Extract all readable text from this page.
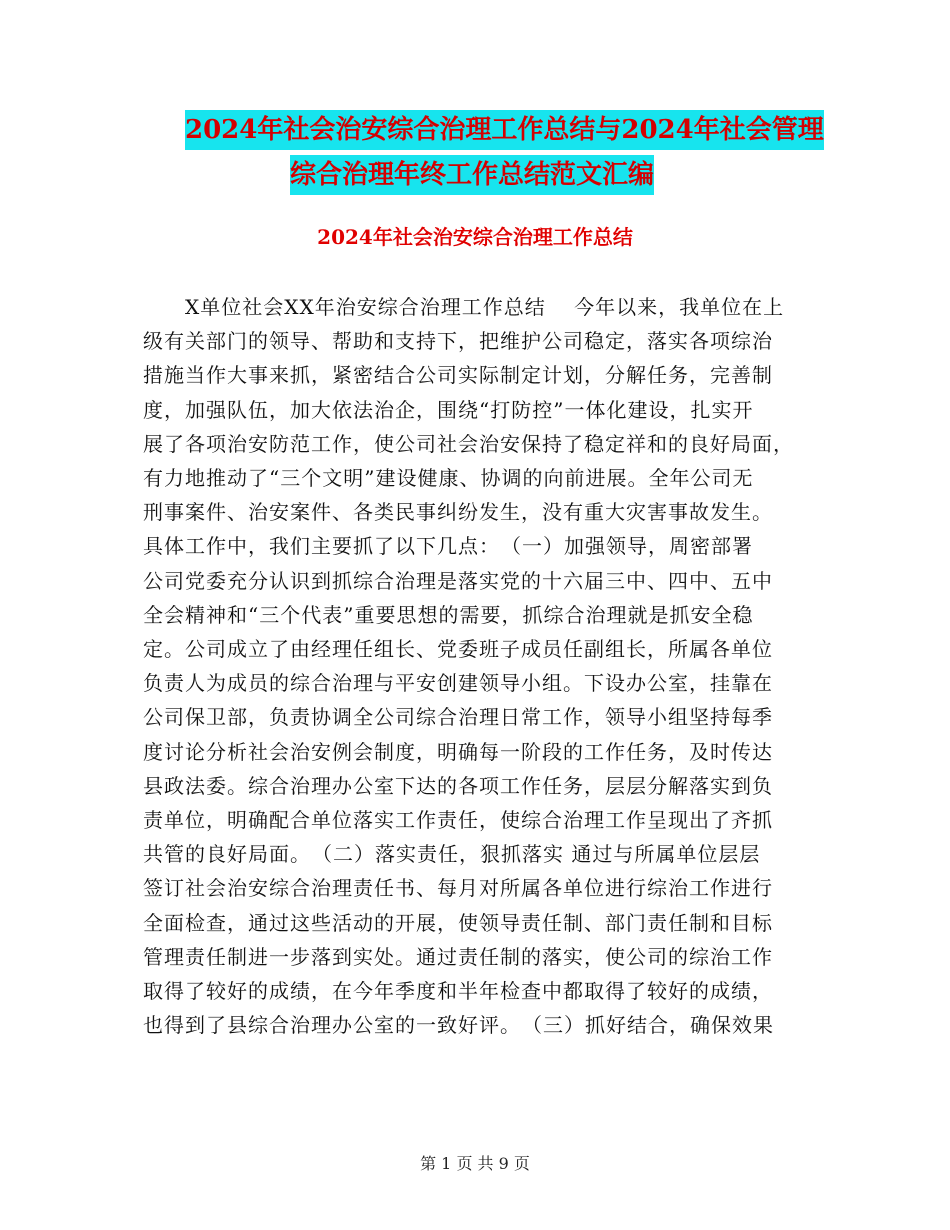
2024年社会治安综合治理工作总结与2024年社会管理
综合治理年终工作总结范文汇编
2024年社会治安综合治理工作总结
　　X单位社会XX年治安综合治理工作总结　 今年以来，我单位在上
级有关部门的领导、帮助和支持下，把维护公司稳定，落实各项综治
措施当作大事来抓，紧密结合公司实际制定计划，分解任务，完善制
度，加强队伍，加大依法治企，围绕“打防控”一体化建设，扎实开
展了各项治安防范工作，使公司社会治安保持了稳定祥和的良好局面，
有力地推动了“三个文明”建设健康、协调的向前进展。全年公司无
刑事案件、治安案件、各类民事纠纷发生，没有重大灾害事故发生。
具体工作中，我们主要抓了以下几点：　（一）加强领导，周密部署
公司党委充分认识到抓综合治理是落实党的十六届三中、四中、五中
全会精神和“三个代表”重要思想的需要，抓综合治理就是抓安全稳
定。公司成立了由经理任组长、党委班子成员任副组长，所属各单位
负责人为成员的综合治理与平安创建领导小组。下设办公室，挂靠在
公司保卫部，负责协调全公司综合治理日常工作，领导小组坚持每季
度讨论分析社会治安例会制度，明确每一阶段的工作任务，及时传达
县政法委。综合治理办公室下达的各项工作任务，层层分解落实到负
责单位，明确配合单位落实工作责任，使综合治理工作呈现出了齐抓
共管的良好局面。　（二）落实责任，狠抓落实 通过与所属单位层层
签订社会治安综合治理责任书、每月对所属各单位进行综治工作进行
全面检查，通过这些活动的开展，使领导责任制、部门责任制和目标
管理责任制进一步落到实处。通过责任制的落实，使公司的综治工作
取得了较好的成绩，在今年季度和半年检查中都取得了较好的成绩，
也得到了县综合治理办公室的一致好评。　（三）抓好结合，确保效果
第 1 页 共 9 页
